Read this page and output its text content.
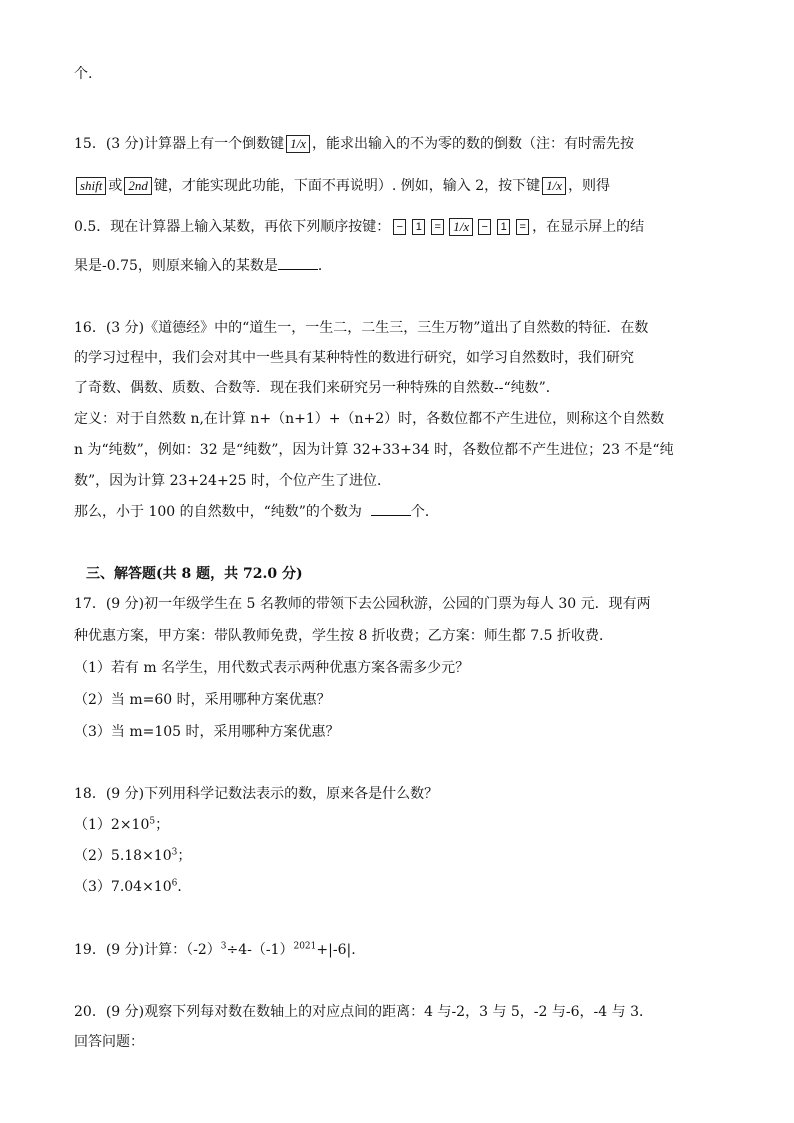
个.
15．(3 分)计算器上有一个倒数键 1/x ，能求出输入的不为零的数的倒数（注：有时需先按
shift 或 2nd 键，才能实现此功能，下面不再说明）. 例如，输入 2，按下键 1/x ，则得
0.5．现在计算器上输入某数，再依下列顺序按键： − 1 = 1/x − 1 = ，在显示屏上的结
果是-0.75，则原来输入的某数是	．
16．(3 分)《道德经》中的“道生一，一生二，二生三，三生万物”道出了自然数的特征．在数
的学习过程中，我们会对其中一些具有某种特性的数进行研究，如学习自然数时，我们研究
了奇数、偶数、质数、合数等．现在我们来研究另一种特殊的自然数--“纯数”．
定义：对于自然数 n,在计算 n+（n+1）+（n+2）时，各数位都不产生进位，则称这个自然数
n 为“纯数”，例如：32 是“纯数”，因为计算 32+33+34 时，各数位都不产生进位；23 不是“纯
数”，因为计算 23+24+25 时，个位产生了进位．
那么，小于 100 的自然数中，“纯数”的个数为	个．
三、解答题(共 8 题，共 72.0 分)
17．(9 分)初一年级学生在 5 名教师的带领下去公园秋游，公园的门票为每人 30 元．现有两
种优惠方案，甲方案：带队教师免费，学生按 8 折收费；乙方案：师生都 7.5 折收费．
（1）若有 m 名学生，用代数式表示两种优惠方案各需多少元？
（2）当 m=60 时，采用哪种方案优惠？
（3）当 m=105 时，采用哪种方案优惠？
18．(9 分)下列用科学记数法表示的数，原来各是什么数？
$(1)2\times 10^5$；
$(2)5.18\times 10^3$；
$(3)7.04\times 10^6$．
19．(9 分)计算：$(-2)^3\div 4-(-1)^{2021}+|-6|$.
20．(9 分)观察下列每对数在数轴上的对应点间的距离：4 与-2，3 与 5，-2 与-6，-4 与 3．
回答问题：
